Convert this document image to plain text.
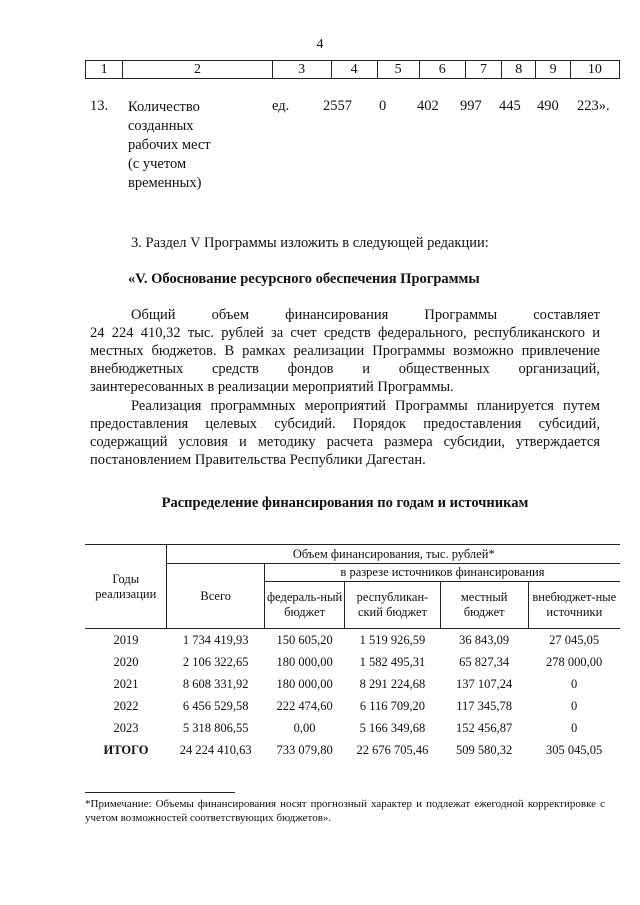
4
1	2	3	4	5	6	7	8	9	10
13. Количество
созданных
рабочих мест
(с учетом
временных)
ед. 2557 0 402 997 445 490 223».
3. Раздел V Программы изложить в следующей редакции:
«V. Обоснование ресурсного обеспечения Программы
Общий объем финансирования Программы составляет
24 224 410,32 тыс. рублей за счет средств федерального, республиканского и
местных бюджетов. В рамках реализации Программы возможно привлечение
внебюджетных средств фондов и общественных организаций,
заинтересованных в реализации мероприятий Программы.
Реализация программных мероприятий Программы планируется путем
предоставления целевых субсидий. Порядок предоставления субсидий,
содержащий условия и методику расчета размера субсидии, утверждается
постановлением Правительства Республики Дагестан.
Распределение финансирования по годам и источникам
Годы реализации	Объем финансирования, тыс. рублей*				
	Всего	в разрезе источников финансирования			
		федераль-ный бюджет	республикан-ский бюджет	местный бюджет	внебюджет-ные источники
2019	1 734 419,93	150 605,20	1 519 926,59	36 843,09	27 045,05
2020	2 106 322,65	180 000,00	1 582 495,31	65 827,34	278 000,00
2021	8 608 331,92	180 000,00	8 291 224,68	137 107,24	0
2022	6 456 529,58	222 474,60	6 116 709,20	117 345,78	0
2023	5 318 806,55	0,00	5 166 349,68	152 456,87	0
ИТОГО	24 224 410,63	733 079,80	22 676 705,46	509 580,32	305 045,05
*Примечание: Объемы финансирования носят прогнозный характер и подлежат ежегодной корректировке с учетом возможностей соответствующих бюджетов».
